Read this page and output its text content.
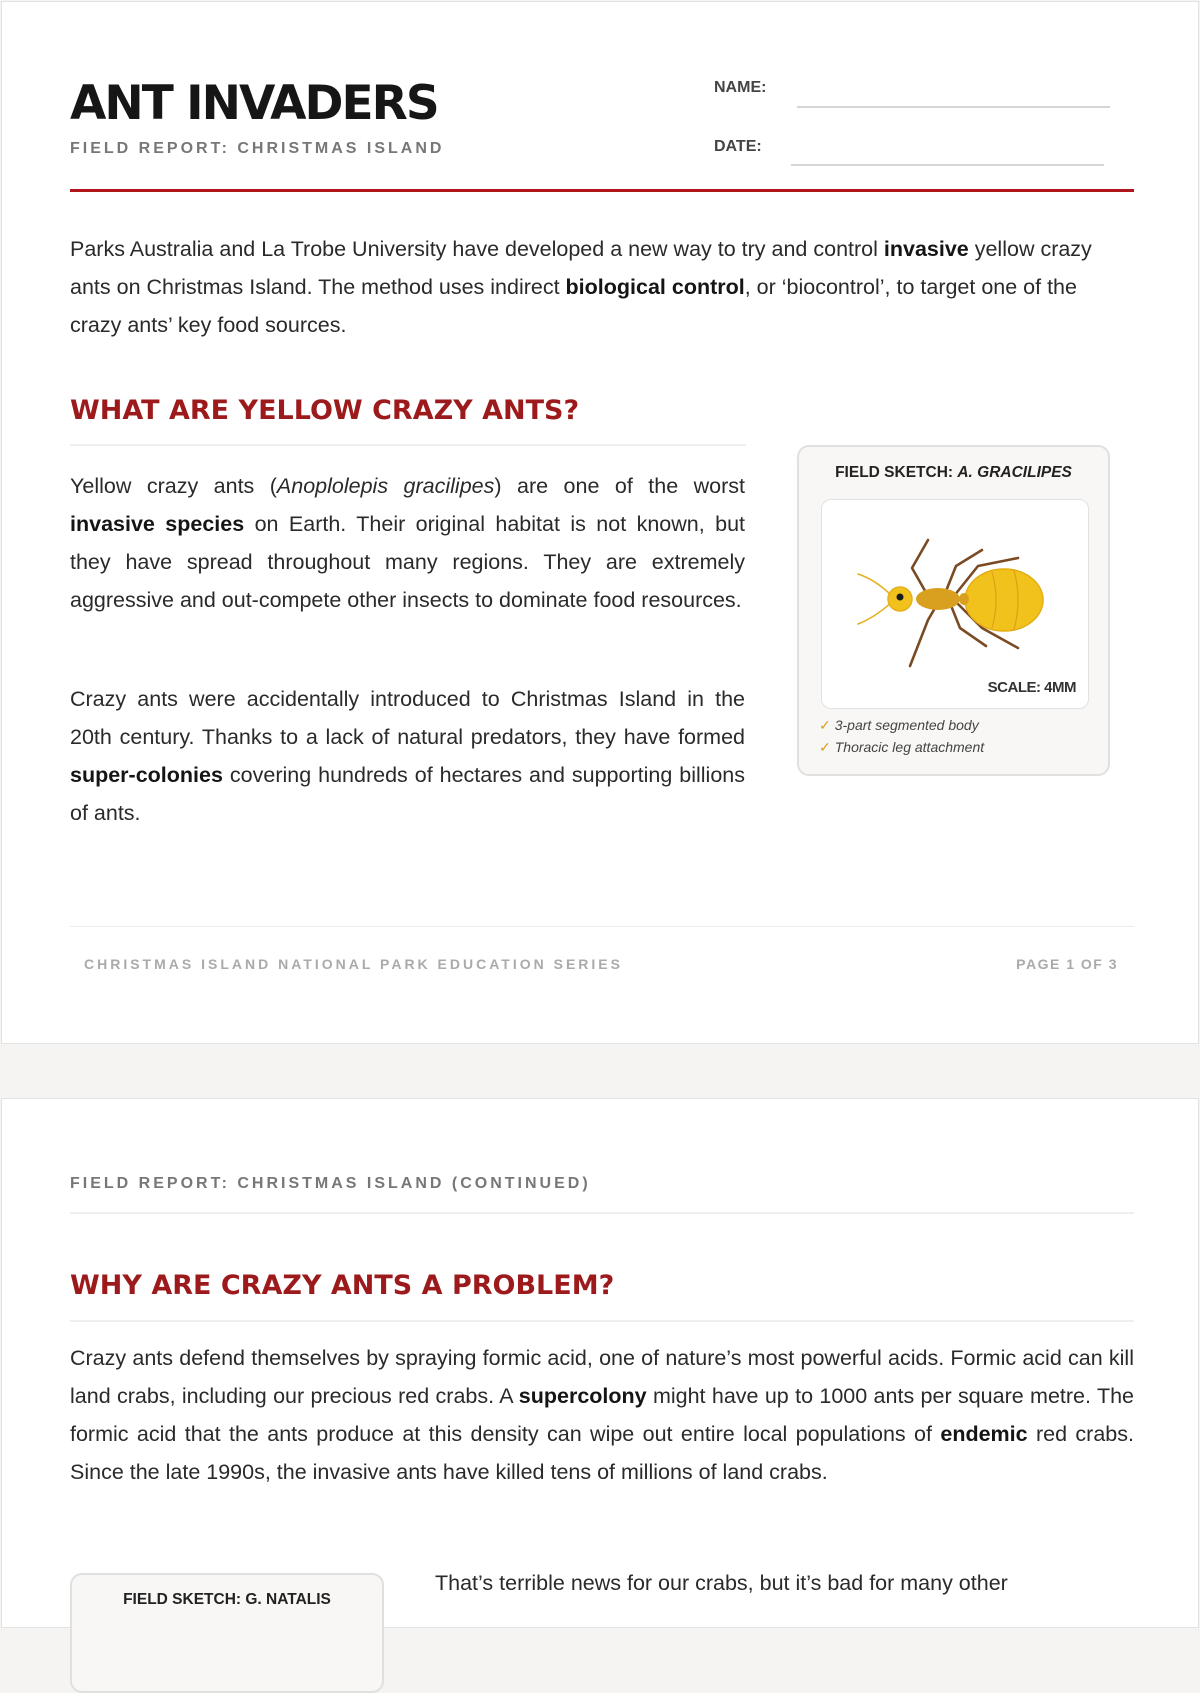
ANT INVADERS
FIELD REPORT: CHRISTMAS ISLAND
NAME:
DATE:

Parks Australia and La Trobe University have developed a new way to try and control invasive yellow crazy ants on Christmas Island. The method uses indirect biological control, or ‘biocontrol’, to target one of the crazy ants’ key food sources.

WHAT ARE YELLOW CRAZY ANTS?

Yellow crazy ants (Anoplolepis gracilipes) are one of the worst invasive species on Earth. Their original habitat is not known, but they have spread throughout many regions. They are extremely aggressive and out-compete other insects to dominate food resources.

Crazy ants were accidentally introduced to Christmas Island in the 20th century. Thanks to a lack of natural predators, they have formed super-colonies covering hundreds of hectares and supporting billions of ants.

FIELD SKETCH: A. GRACILIPES
SCALE: 4MM
✓ 3-part segmented body
✓ Thoracic leg attachment
CHRISTMAS ISLAND NATIONAL PARK EDUCATION SERIES	PAGE 1 OF 3
FIELD REPORT: CHRISTMAS ISLAND (CONTINUED)
WHY ARE CRAZY ANTS A PROBLEM?

Crazy ants defend themselves by spraying formic acid, one of nature’s most powerful acids. Formic acid can kill land crabs, including our precious red crabs. A supercolony might have up to 1000 ants per square metre. The formic acid that the ants produce at this density can wipe out entire local populations of endemic red crabs. Since the late 1990s, the invasive ants have killed tens of millions of land crabs.

FIELD SKETCH: G. NATALIS

That’s terrible news for our crabs, but it’s bad for many other
